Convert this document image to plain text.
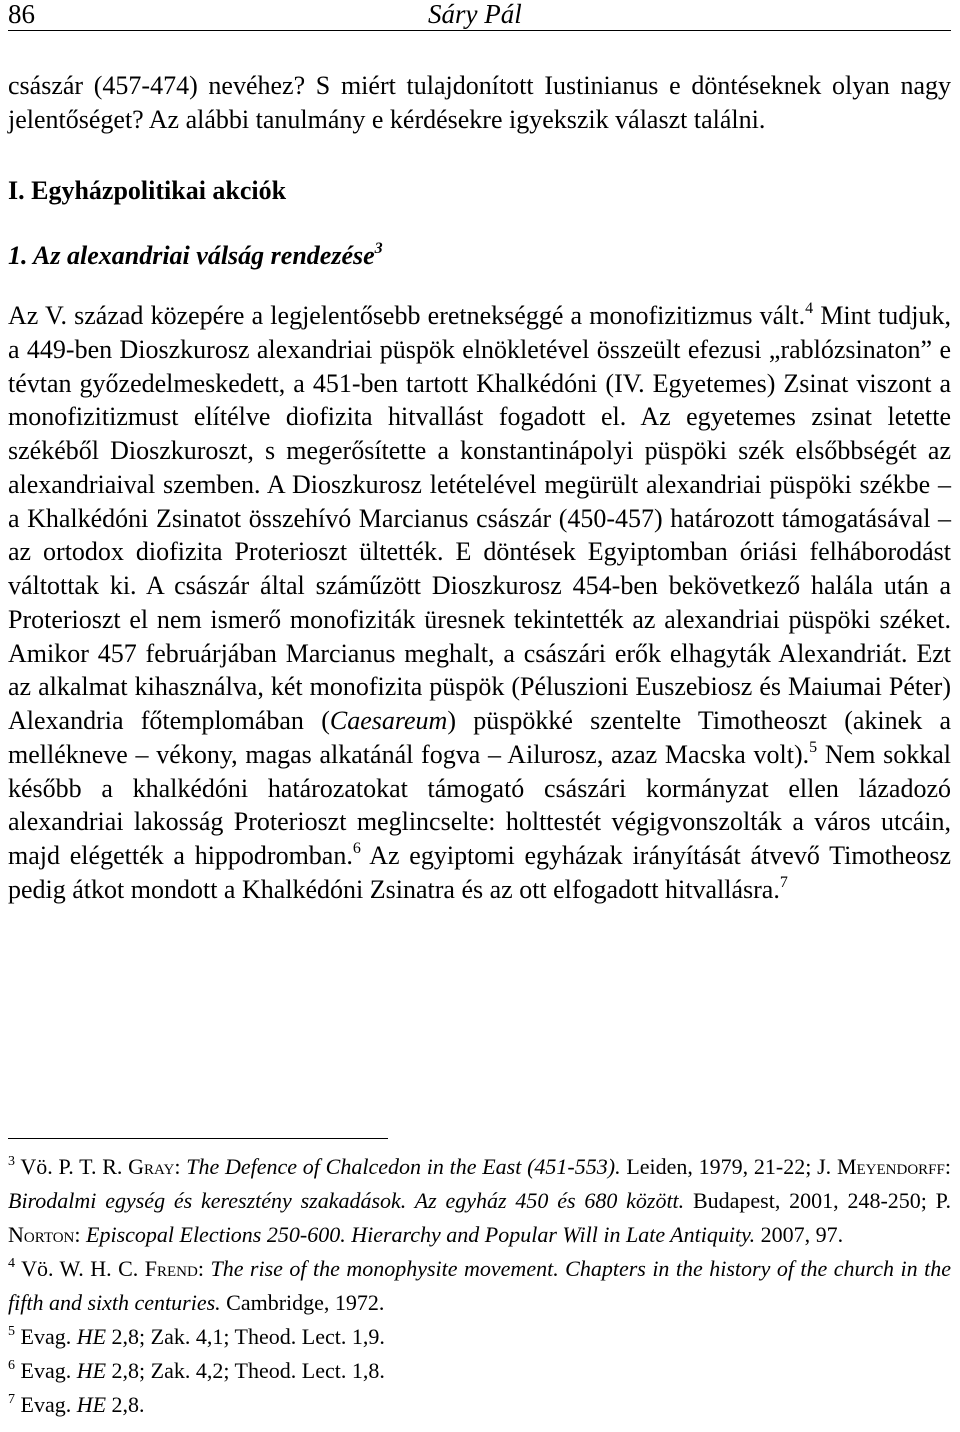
86	Sáry Pál

császár (457-474) nevéhez? S miért tulajdonított Iustinianus e döntéseknek olyan nagy jelentőséget? Az alábbi tanulmány e kérdésekre igyekszik választ találni.

I. Egyházpolitikai akciók
1. Az alexandriai válság rendezése$^3$

Az V. század közepére a legjelentősebb eretnekséggé a monofizitizmus vált.$^4$ Mint tudjuk, a 449-ben Dioszkurosz alexandriai püspök elnökletével összeült efezusi „rablózsinaton” e tévtan győzedelmeskedett, a 451-ben tartott Khalkédóni (IV. Egyetemes) Zsinat viszont a monofizitizmust elítélve diofizita hitvallást fogadott el. Az egyetemes zsinat letette székéből Dioszkuroszt, s megerősítette a konstantinápolyi püspöki szék elsőbbségét az alexandriaival szemben. A Dioszkurosz letételével megürült alexandriai püspöki székbe – a Khalkédóni Zsinatot összehívó Marcianus császár (450-457) határozott támogatásával – az ortodox diofizita Proterioszt ültették. E döntések Egyiptomban óriási felháborodást váltottak ki. A császár által száműzött Dioszkurosz 454-ben bekövetkező halála után a Proterioszt el nem ismerő monofiziták üresnek tekintették az alexandriai püspöki széket. Amikor 457 februárjában Marcianus meghalt, a császári erők elhagyták Alexandriát. Ezt az alkalmat kihasználva, két monofizita püspök (Péluszioni Euszebiosz és Maiumai Péter) Alexandria főtemplomában (Caesareum) püspökké szentelte Timotheoszt (akinek a mellékneve – vékony, magas alkatánál fogva – Ailurosz, azaz Macska volt).$^5$ Nem sokkal később a khalkédóni határozatokat támogató császári kormányzat ellen lázadozó alexandriai lakosság Proterioszt meglincselte: holttestét végigvonszolták a város utcáin, majd elégették a hippodromban.$^6$ Az egyiptomi egyházak irányítását átvevő Timotheosz pedig átkot mondott a Khalkédóni Zsinatra és az ott elfogadott hitvallásra.$^7$

$^3$ Vö. P. T. R. Gray: The Defence of Chalcedon in the East (451-553). Leiden, 1979, 21-22; J. Meyendorff: Birodalmi egység és keresztény szakadások. Az egyház 450 és 680 között. Budapest, 2001, 248-250; P. Norton: Episcopal Elections 250-600. Hierarchy and Popular Will in Late Antiquity. 2007, 97.

$^4$ Vö. W. H. C. Frend: The rise of the monophysite movement. Chapters in the history of the church in the fifth and sixth centuries. Cambridge, 1972.

$^5$ Evag. HE 2,8; Zak. 4,1; Theod. Lect. 1,9.

$^6$ Evag. HE 2,8; Zak. 4,2; Theod. Lect. 1,8.

$^7$ Evag. HE 2,8.
